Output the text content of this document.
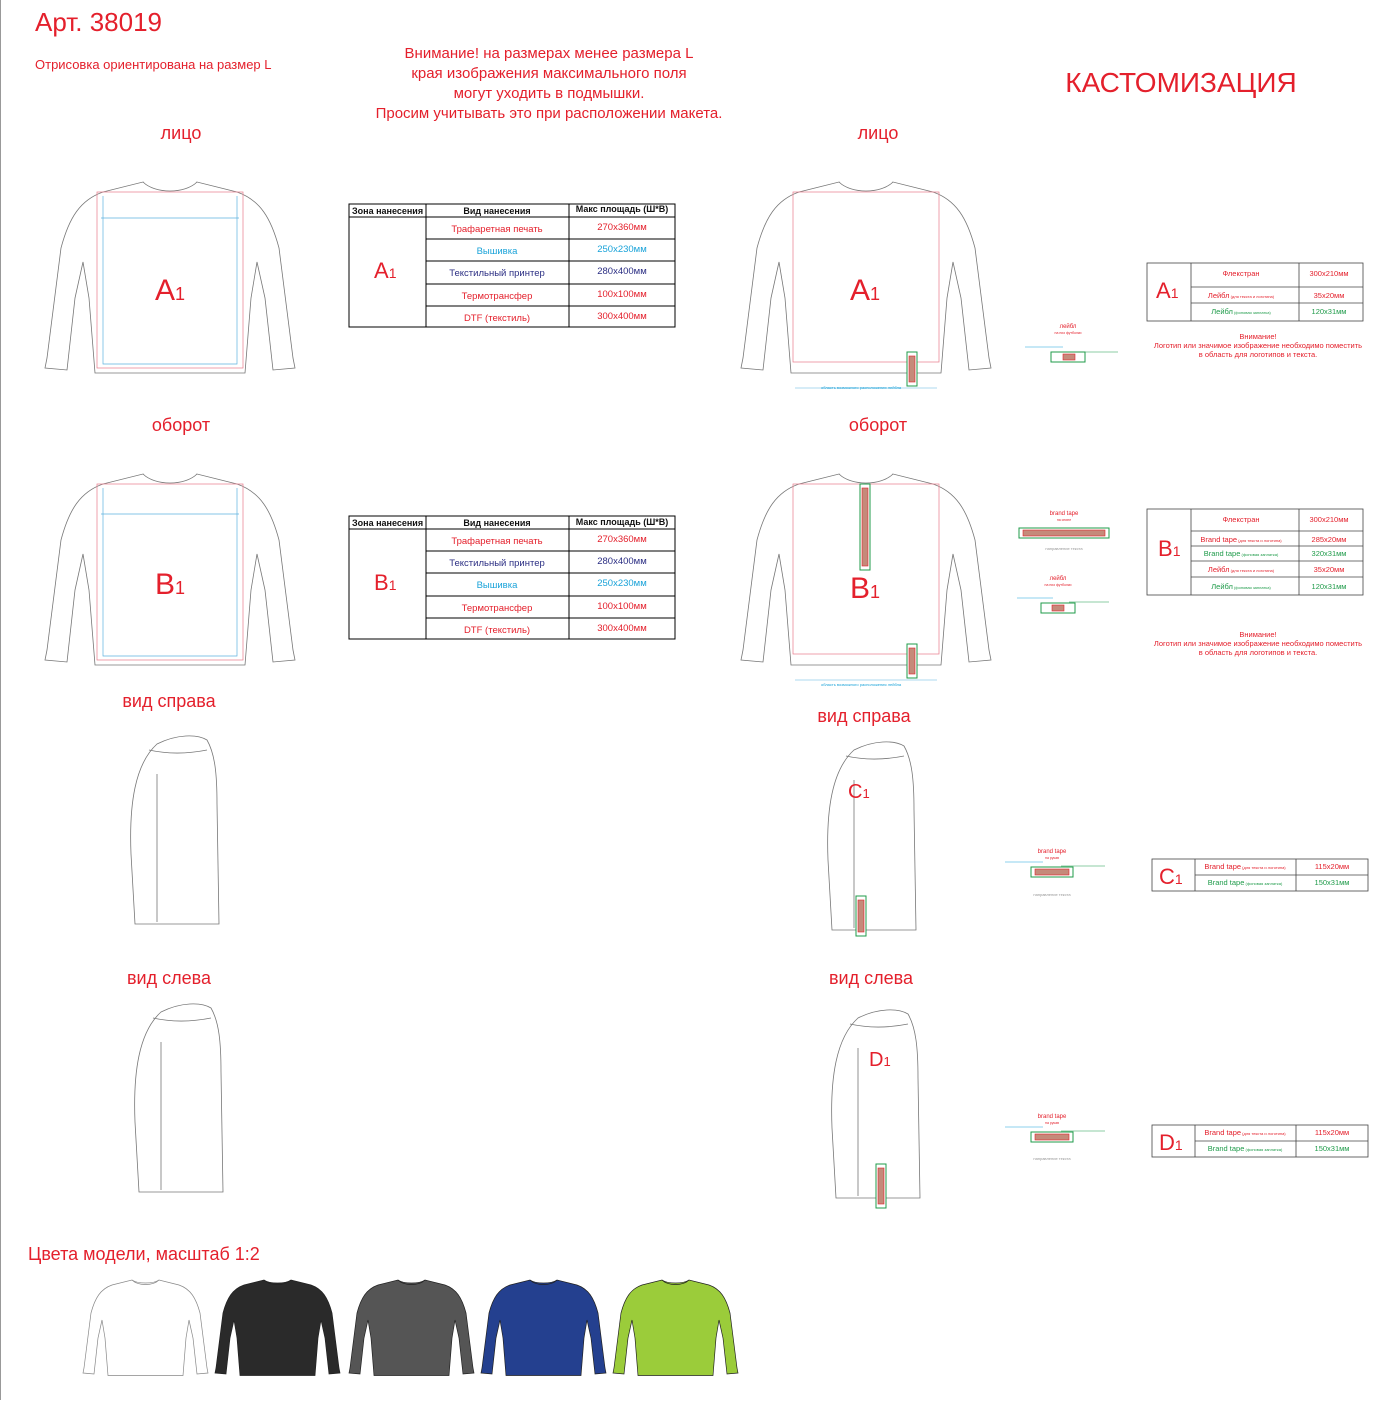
Арт. 38019
Отрисовка ориентирована на размер L
Внимание! на размерах менее размера L
края изображения максимального поля
могут уходить в подмышки.
Просим учитывать это при расположении макета.
КАСТОМИЗАЦИЯ
лицо	лицо
оборот	оборот
вид справа
вид справа
вид слева	вид слева
A1
B1
Зона нанесения	Вид нанесения	Макс площадь (Ш*В)
A1
Трафаретная печать	270х360мм
Вышивка	250х230мм
Текстильный принтер	280х400мм
Термотрансфер	100х100мм
DTF (текстиль)	300х400мм
Зона нанесения	Вид нанесения	Макс площадь (Ш*В)
B1
Трафаретная печать	270х360мм
Текстильный принтер	280х400мм
Вышивка	250х230мм
Термотрансфер	100х100мм
DTF (текстиль)	300х400мм
область возможного расположения лейбла
A1
область возможного расположения лейбла
B1
C1
D1
лейбл
на низ футболки
brand tape
на спине
направление текста
лейбл
на низ футболки
brand tape
на рукав
направление текста
brand tape
на рукав
направление текста
A1
Флекстран	300х210мм
Лейбл (для текста и логотипа)	35х20мм
Лейбл (фоновая заплатка)	120х31мм
Внимание!
Логотип или значимое изображение необходимо поместить
в область для логотипов и текста.
B1
Флекстран	300х210мм
Brand tape (для текста и логотипа)	285х20мм
Brand tape (фоновая заплатка)	320х31мм
Лейбл (для текста и логотипа)	35х20мм
Лейбл (фоновая заплатка)	120х31мм
Внимание!
Логотип или значимое изображение необходимо поместить
в область для логотипов и текста.
C1
Brand tape (для текста и логотипа)	115х20мм
Brand tape (фоновая заплатка)	150х31мм
D1
Brand tape (для текста и логотипа)	115х20мм
Brand tape (фоновая заплатка)	150х31мм
Цвета модели, масштаб 1:2
